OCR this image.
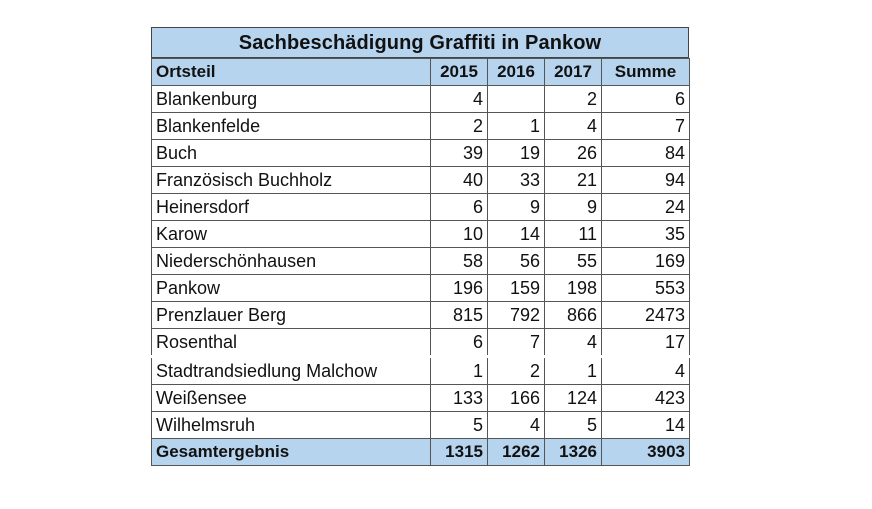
Sachbeschädigung Graffiti in Pankow
Ortsteil	2015	2016	2017	Summe
Blankenburg	4		2	6
Blankenfelde	2	1	4	7
Buch	39	19	26	84
Französisch Buchholz	40	33	21	94
Heinersdorf	6	9	9	24
Karow	10	14	11	35
Niederschönhausen	58	56	55	169
Pankow	196	159	198	553
Prenzlauer Berg	815	792	866	2473
Rosenthal	6	7	4	17
Stadtrandsiedlung Malchow	1	2	1	4
Weißensee	133	166	124	423
Wilhelmsruh	5	4	5	14
Gesamtergebnis	1315	1262	1326	3903
